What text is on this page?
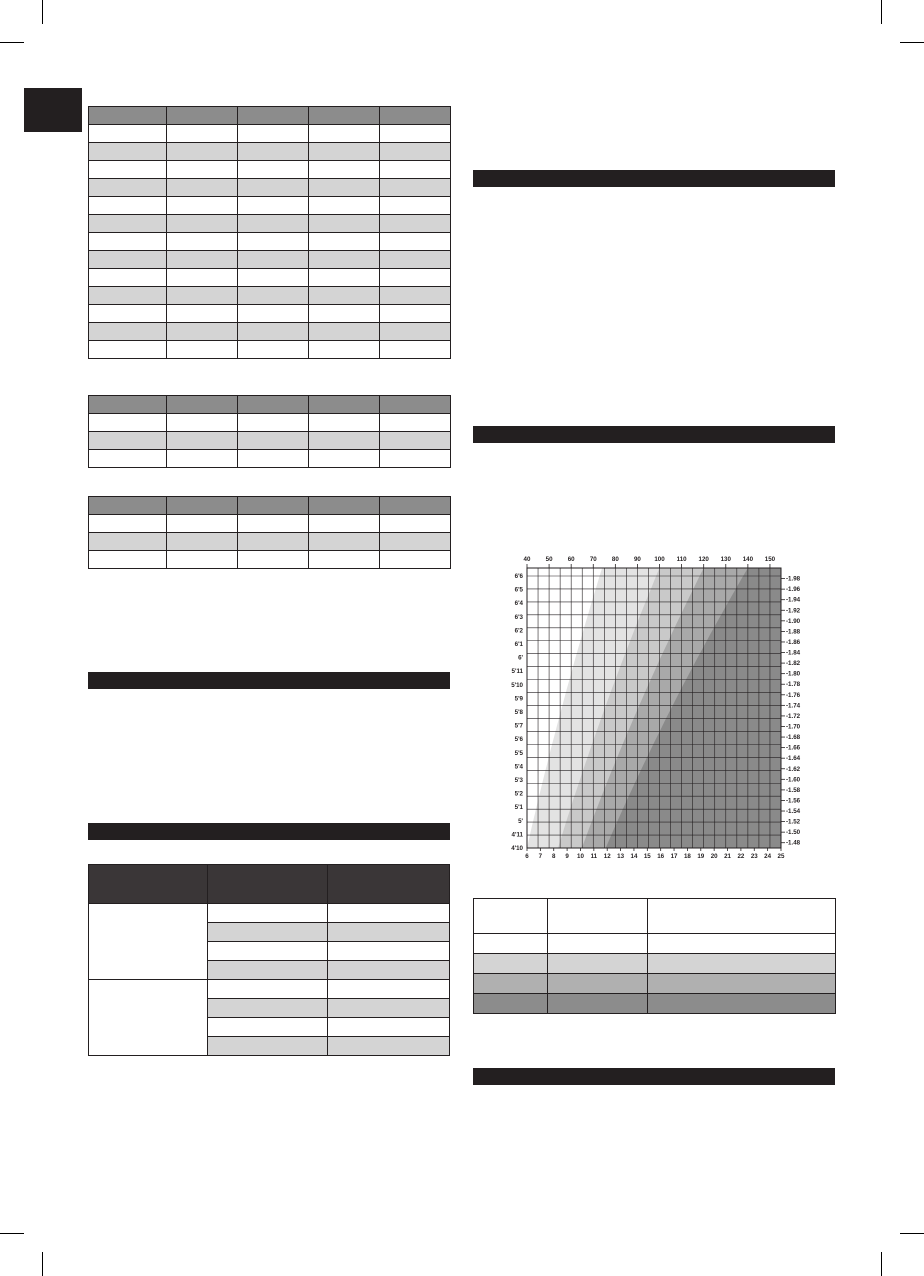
40 50 60 70 80 90 100 110 120 130 140 150
6 7 8 9 10 11 12 13 14 15 16 17 18 19 20 21 22 23 24 25
6'6
6'5
6'4
6'3
6'2
6'1
6'
5'11
5'10
5'9
5'8
5'7
5'6
5'5
5'4
5'3
5'2
5'1
5'
4'11
4'10
-1.98
-1.96
-1.94
-1.92
-1.90
-1.88
-1.86
-1.84
-1.82
-1.80
-1.78
-1.76
-1.74
-1.72
-1.70
-1.68
-1.66
-1.64
-1.62
-1.60
-1.58
-1.56
-1.54
-1.52
-1.50
-1.48
